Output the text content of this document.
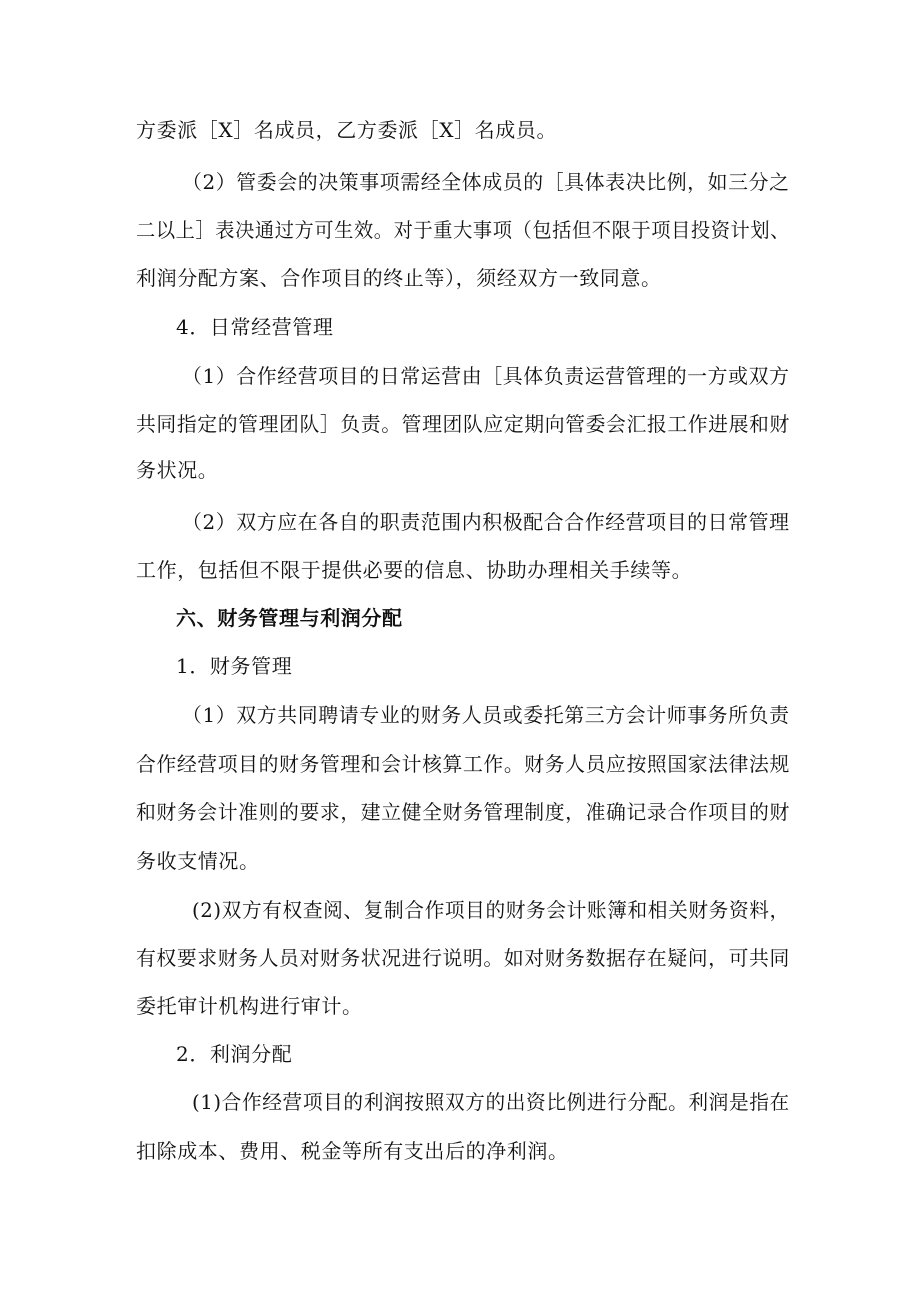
方委派［X］名成员，乙方委派［X］名成员。
（2）管委会的决策事项需经全体成员的［具体表决比例，如三分之
二以上］表决通过方可生效。对于重大事项（包括但不限于项目投资计划、
利润分配方案、合作项目的终止等），须经双方一致同意。
4．日常经营管理
（1）合作经营项目的日常运营由［具体负责运营管理的一方或双方
共同指定的管理团队］负责。管理团队应定期向管委会汇报工作进展和财
务状况。
（2）双方应在各自的职责范围内积极配合合作经营项目的日常管理
工作，包括但不限于提供必要的信息、协助办理相关手续等。
六、财务管理与利润分配
1．财务管理
（1）双方共同聘请专业的财务人员或委托第三方会计师事务所负责
合作经营项目的财务管理和会计核算工作。财务人员应按照国家法律法规
和财务会计准则的要求，建立健全财务管理制度，准确记录合作项目的财
务收支情况。
(2)双方有权查阅、复制合作项目的财务会计账簿和相关财务资料，
有权要求财务人员对财务状况进行说明。如对财务数据存在疑问，可共同
委托审计机构进行审计。
2．利润分配
(1)合作经营项目的利润按照双方的出资比例进行分配。利润是指在
扣除成本、费用、税金等所有支出后的净利润。
